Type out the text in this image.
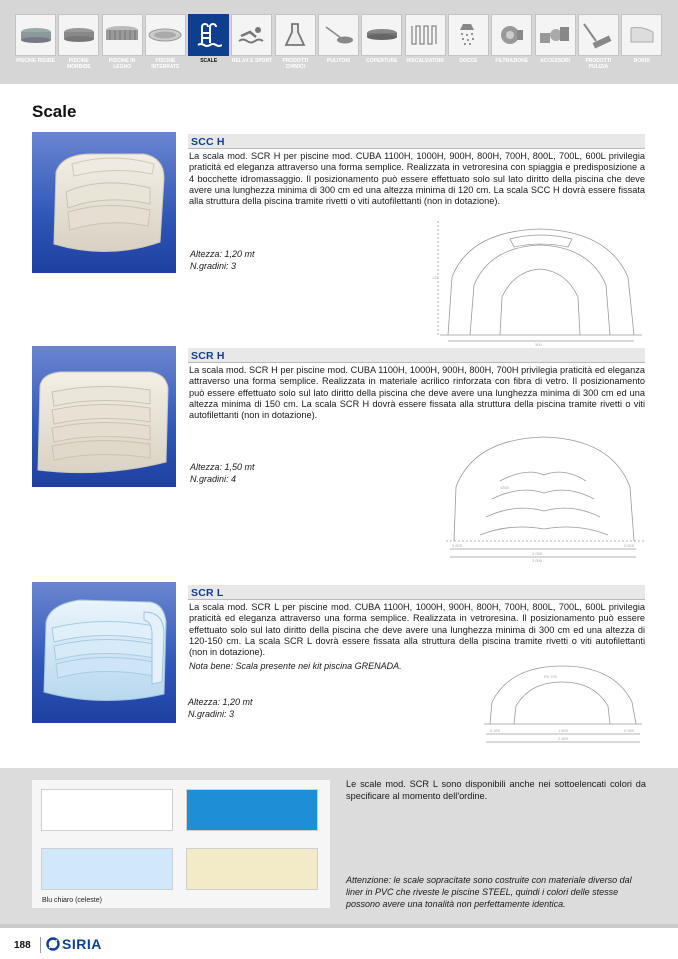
PISCINE RIGIDE	PISCINE MORBIDE
PISCINE IN LEGNO
PISCINE INTERRATE
SCALE	RELAX E SPORT	PRODOTTI CHIMICI
PULITORI	COPERTURE	RISCALDATORI	DOCCE	FILTRAZIONE	ACCESSORI	PRODOTTI PULIZIA
BORDI
Scale
SCC H
La scala mod. SCR H per piscine mod. CUBA 1100H, 1000H, 900H, 800H, 700H, 800L, 700L, 600L privilegia praticità ed eleganza attraverso una forma semplice. Realizzata in vetroresina con spiaggia e predisposizione a 4 bocchette idromassaggio. Il posizionamento può essere effettuato solo sul lato diritto della piscina che deve avere una lunghezza minima di 300 cm ed una altezza minima di 120 cm. La scala SCC H dovrà essere fissata alla struttura della piscina tramite rivetti o viti autofilettanti (non in dotazione).
Altezza: 1,20 mt
N.gradini: 3
120
300
SCR H
La scala mod. SCR H per piscine mod. CUBA 1100H, 1000H, 900H, 800H, 700H privilegia praticità ed eleganza attraverso una forma semplice. Realizzata in materiale acrilico rinforzata con fibra di vetro. Il posizionamento può essere effettuato solo sul lato diritto della piscina che deve avere una lunghezza minima di 300 cm ed una altezza minima di 150 cm. La scala SCR H dovrà essere fissata alla struttura della piscina tramite rivetti o viti autofilettanti (non in dotazione).
Altezza: 1,50 mt
N.gradini: 4
1500
0.825
2.085
3.000
0.825
SCR L
La scala mod. SCR L per piscine mod. CUBA 1100H, 1000H, 900H, 800H, 700H, 800L, 700L, 600L privilegia praticità ed eleganza attraverso una forma semplice. Realizzata in vetroresina. Il posizionamento può essere effettuato solo sul lato diritto della piscina che deve avere una lunghezza minima di 300 cm ed una altezza di 120-150 cm. La scala SCR L dovrà essere fissata alla struttura della piscina tramite rivetti o viti autofilettanti (non in dotazione).
Nota bene: Scala presente nei kit piscina GRENADA.
Altezza: 1,20 mt
N.gradini: 3
R0.700
0.350	1.600	0.350
2.300
Blu chiaro (celeste)
Le scale mod. SCR L sono disponibili anche nei sottoelencati colori da specificare al momento dell'ordine.
Attenzione: le scale sopracitate sono costruite con materiale diverso dal liner in PVC che riveste le piscine STEEL, quindi i colori delle stesse possono avere una tonalità non perfettamente identica.
188 SIRIA
